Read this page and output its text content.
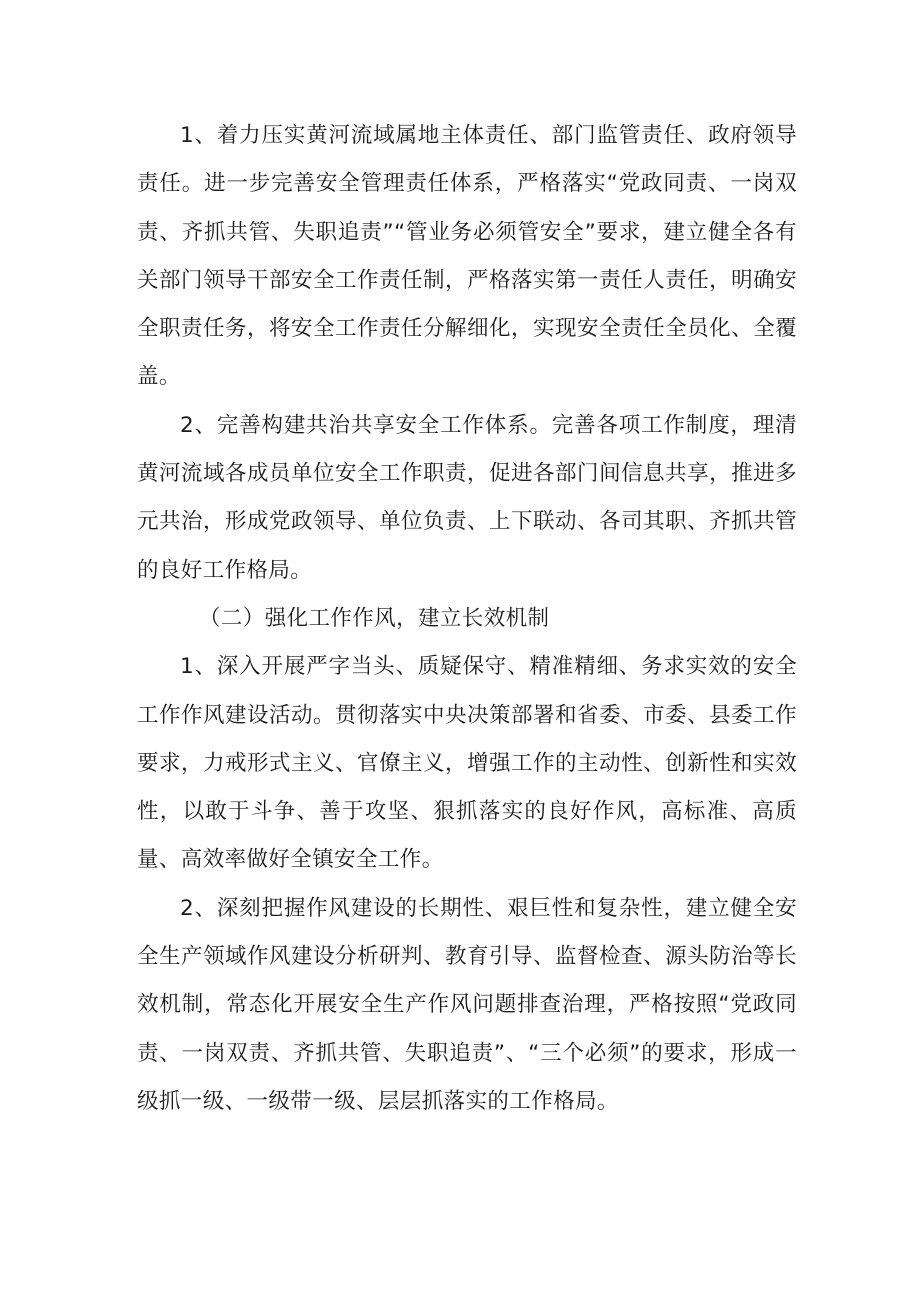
1、着力压实黄河流域属地主体责任、部门监管责任、政府领导责任。进一步完善安全管理责任体系，严格落实“党政同责、一岗双责、齐抓共管、失职追责”“管业务必须管安全”要求，建立健全各有关部门领导干部安全工作责任制，严格落实第一责任人责任，明确安全职责任务，将安全工作责任分解细化，实现安全责任全员化、全覆盖。

2、完善构建共治共享安全工作体系。完善各项工作制度，理清黄河流域各成员单位安全工作职责，促进各部门间信息共享，推进多元共治，形成党政领导、单位负责、上下联动、各司其职、齐抓共管的良好工作格局。

（二）强化工作作风，建立长效机制

1、深入开展严字当头、质疑保守、精准精细、务求实效的安全工作作风建设活动。贯彻落实中央决策部署和省委、市委、县委工作要求，力戒形式主义、官僚主义，增强工作的主动性、创新性和实效性，以敢于斗争、善于攻坚、狠抓落实的良好作风，高标准、高质量、高效率做好全镇安全工作。

2、深刻把握作风建设的长期性、艰巨性和复杂性，建立健全安全生产领域作风建设分析研判、教育引导、监督检查、源头防治等长效机制，常态化开展安全生产作风问题排查治理，严格按照“党政同责、一岗双责、齐抓共管、失职追责”、“三个必须”的要求，形成一级抓一级、一级带一级、层层抓落实的工作格局。
